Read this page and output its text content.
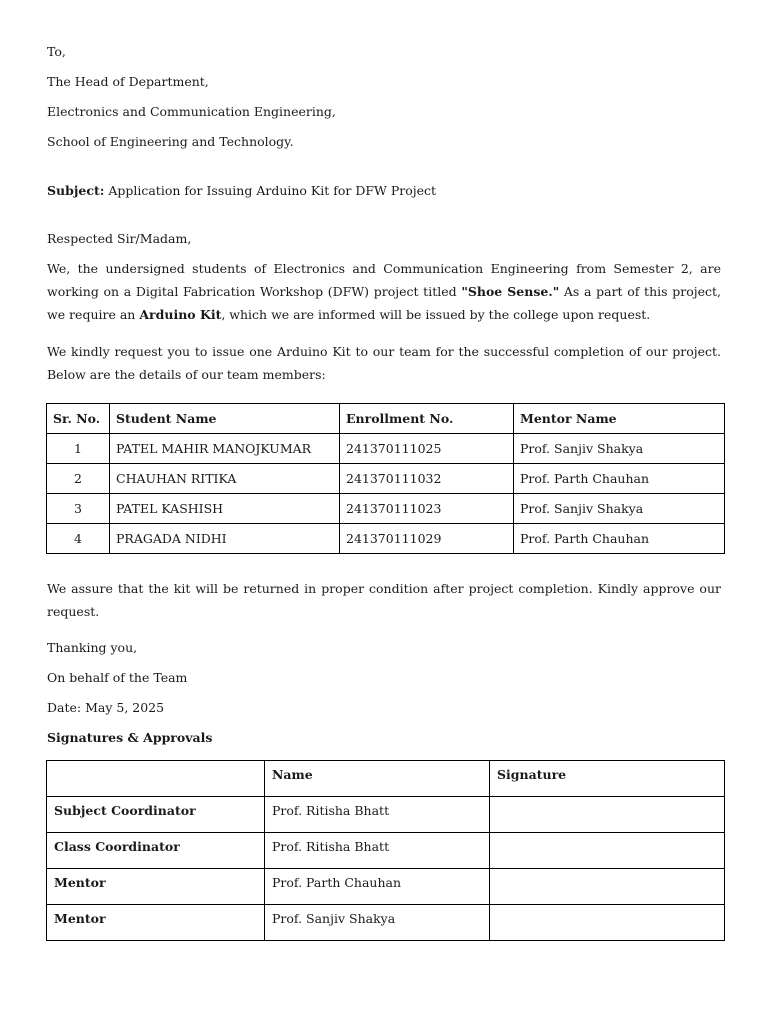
To,
The Head of Department,
Electronics and Communication Engineering,
School of Engineering and Technology.
Subject: Application for Issuing Arduino Kit for DFW Project
Respected Sir/Madam,
We, the undersigned students of Electronics and Communication Engineering from Semester 2, are working on a Digital Fabrication Workshop (DFW) project titled "Shoe Sense." As a part of this project, we require an Arduino Kit, which we are informed will be issued by the college upon request.
We kindly request you to issue one Arduino Kit to our team for the successful completion of our project. Below are the details of our team members:
Sr. No.	Student Name	Enrollment No.	Mentor Name
1	PATEL MAHIR MANOJKUMAR	241370111025	Prof. Sanjiv Shakya
2	CHAUHAN RITIKA	241370111032	Prof. Parth Chauhan
3	PATEL KASHISH	241370111023	Prof. Sanjiv Shakya
4	PRAGADA NIDHI	241370111029	Prof. Parth Chauhan
We assure that the kit will be returned in proper condition after project completion. Kindly approve our request.
Thanking you,
On behalf of the Team
Date: May 5, 2025
Signatures & Approvals
	Name	Signature
Subject Coordinator	Prof. Ritisha Bhatt	
Class Coordinator	Prof. Ritisha Bhatt	
Mentor	Prof. Parth Chauhan	
Mentor	Prof. Sanjiv Shakya	
